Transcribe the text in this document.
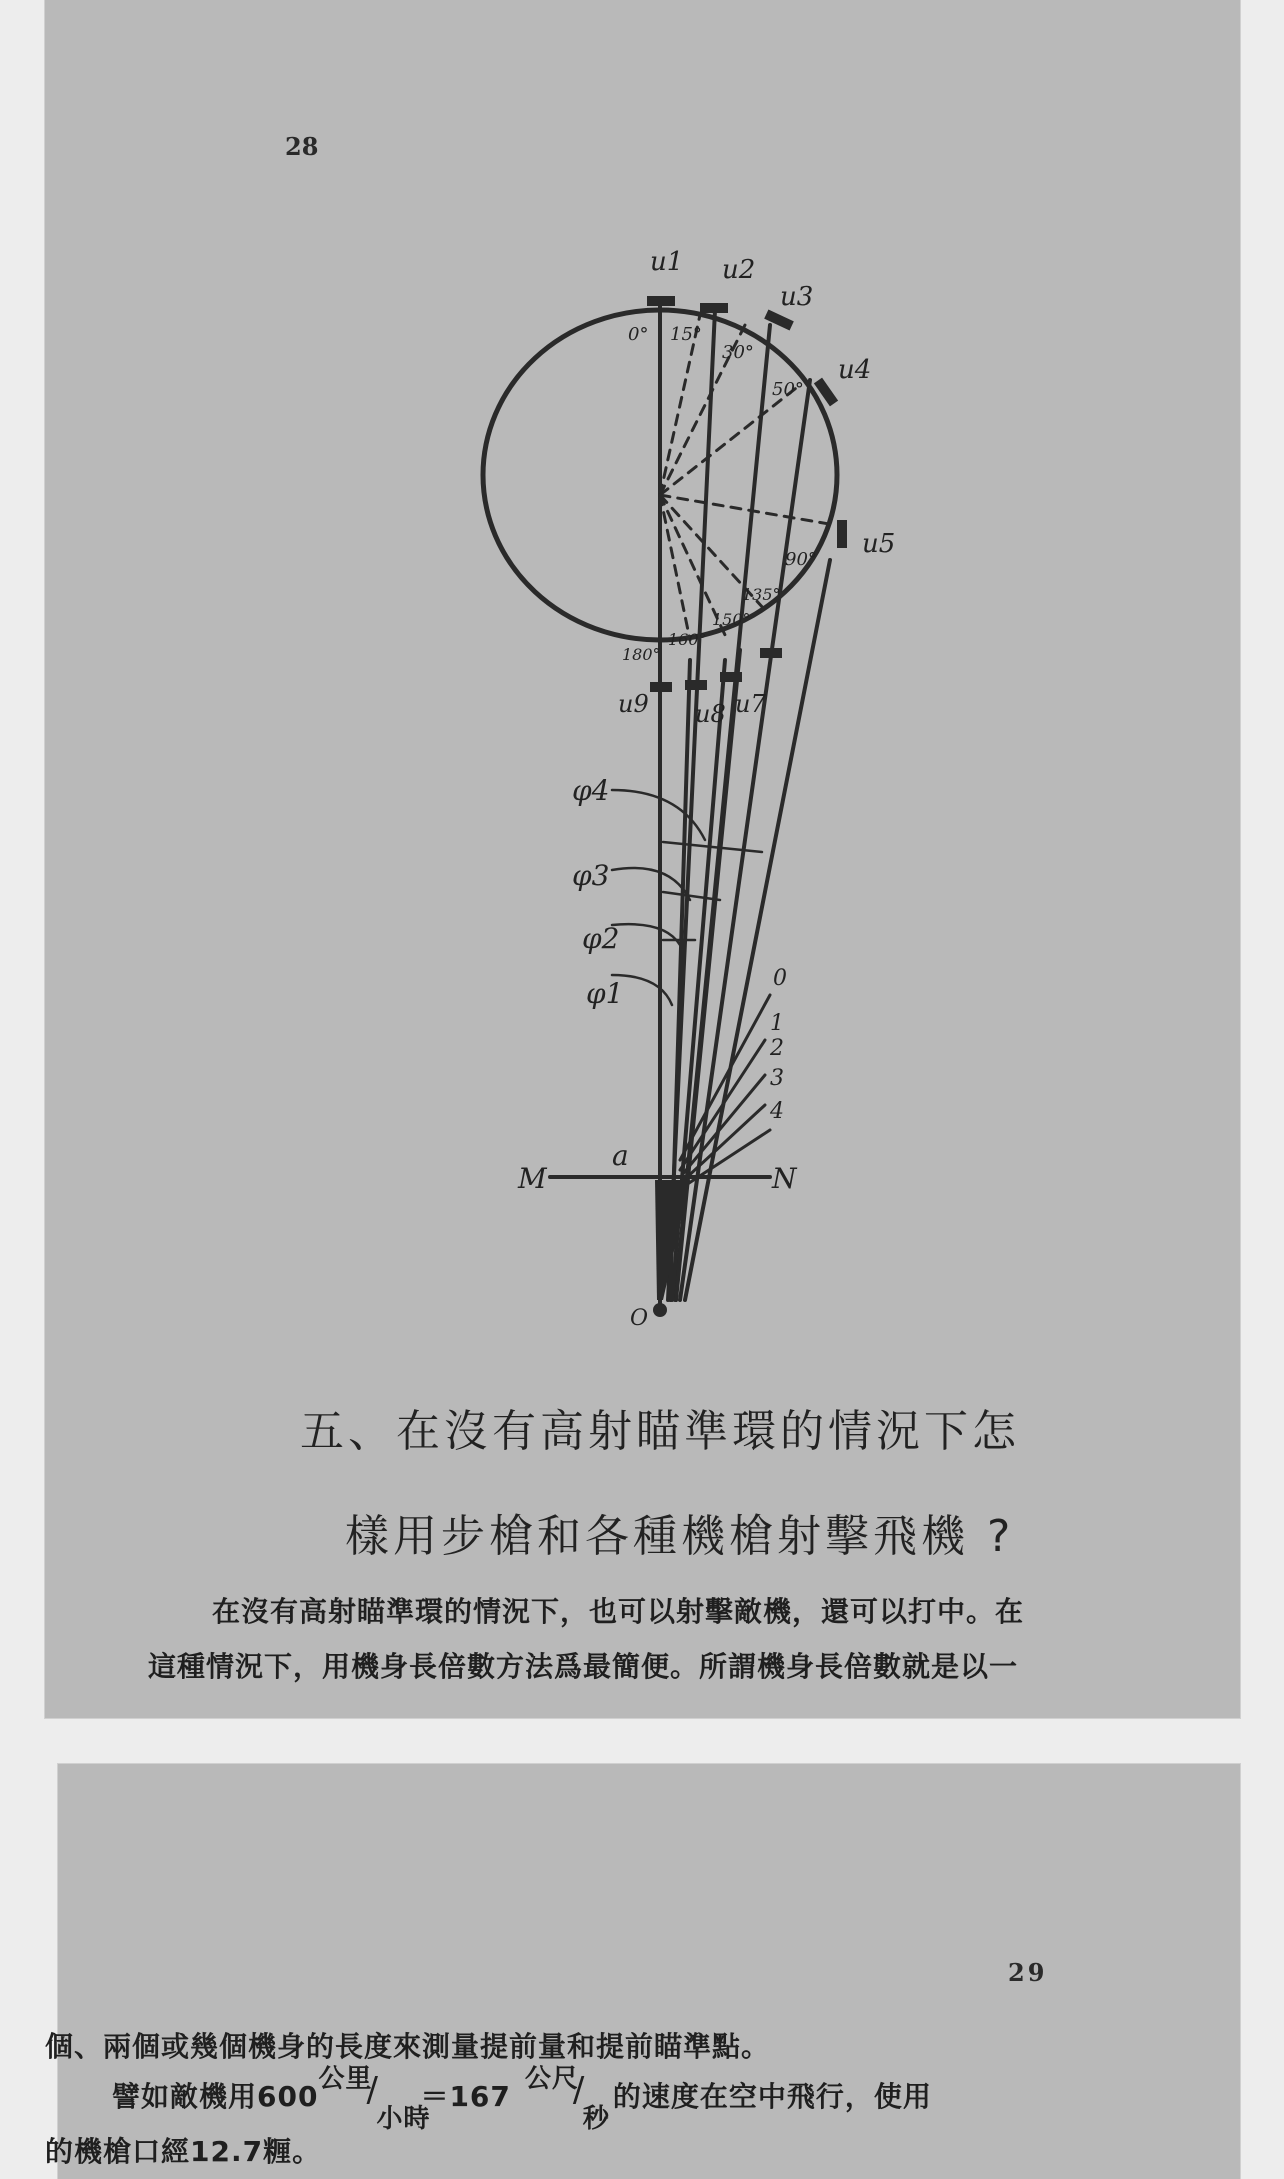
28
u1 u2
u3
u4
u5
u7
u8
u9
0° 15°
30°
50°
90°
135°
150°
160°
180°
φ4
φ3
φ2
φ1	0
1
2
3
4
M
a
N
O
五、在沒有高射瞄準環的情況下怎
樣用步槍和各種機槍射擊飛機 ?
在沒有高射瞄準環的情況下，也可以射擊敵機，還可以打中。在
這種情況下，用機身長倍數方法爲最簡便。所謂機身長倍數就是以一
29
個、兩個或幾個機身的長度來測量提前量和提前瞄準點。
譬如敵機用600
公里
/
小時
＝167
公尺
/
秒
的速度在空中飛行，使用
的機槍口經12.7糎。
